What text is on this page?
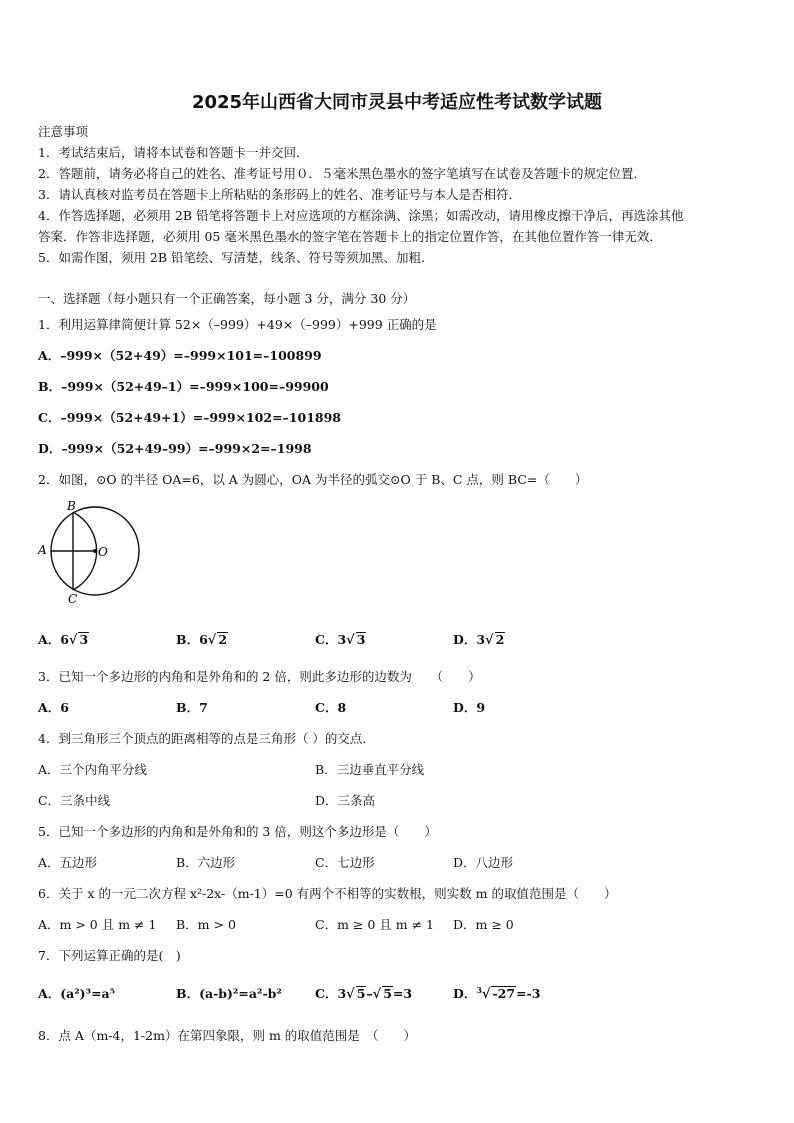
2025年山西省大同市灵县中考适应性考试数学试题
注意事项
1．考试结束后，请将本试卷和答题卡一并交回．
2．答题前，请务必将自己的姓名、准考证号用０．５毫米黑色墨水的签字笔填写在试卷及答题卡的规定位置．
3．请认真核对监考员在答题卡上所粘贴的条形码上的姓名、准考证号与本人是否相符．
4．作答选择题，必须用 2B 铅笔将答题卡上对应选项的方框涂满、涂黑；如需改动，请用橡皮擦干净后，再选涂其他
答案．作答非选择题，必须用 05 毫米黑色墨水的签字笔在答题卡上的指定位置作答，在其他位置作答一律无效．
5．如需作图，须用 2B 铅笔绘、写清楚，线条、符号等须加黑、加粗．
一、选择题（每小题只有一个正确答案，每小题 3 分，满分 30 分）
1．利用运算律简便计算 52×（–999）+49×（–999）+999 正确的是
A．–999×（52+49）=–999×101=–100899
B．–999×（52+49–1）=–999×100=–99900
C．–999×（52+49+1）=–999×102=–101898
D．–999×（52+49–99）=–999×2=–1998
2．如图，⊙O 的半径 OA=6，以 A 为圆心，OA 为半径的弧交⊙O 于 B、C 点，则 BC=（　　）
B
A	O
C
A．6√ 3	B．6√ 2	C．3√ 3	D．3√ 2
3．已知一个多边形的内角和是外角和的 2 倍，则此多边形的边数为　　（　　）
A．6	B．7	C．8	D．9
4．到三角形三个顶点的距离相等的点是三角形（ ）的交点．
A．三个内角平分线	B．三边垂直平分线
C．三条中线	D．三条高
5．已知一个多边形的内角和是外角和的 3 倍，则这个多边形是（　　）
A．五边形	B．六边形	C．七边形	D．八边形
6．关于 x 的一元二次方程 x²-2x-（m-1）=0 有两个不相等的实数根，则实数 m 的取值范围是（　　）
A．m > 0 且 m ≠ 1 B．m > 0	C．m ≥ 0 且 m ≠ 1 D．m ≥ 0
7．下列运算正确的是(　)
A．(a²)³=a⁵	B．(a-b)²=a²-b²	C．3√ 5–√ 5=3	D．$^3$√ -27=-3
8．点 A（m-4，1-2m）在第四象限，则 m 的取值范围是　（　　）
